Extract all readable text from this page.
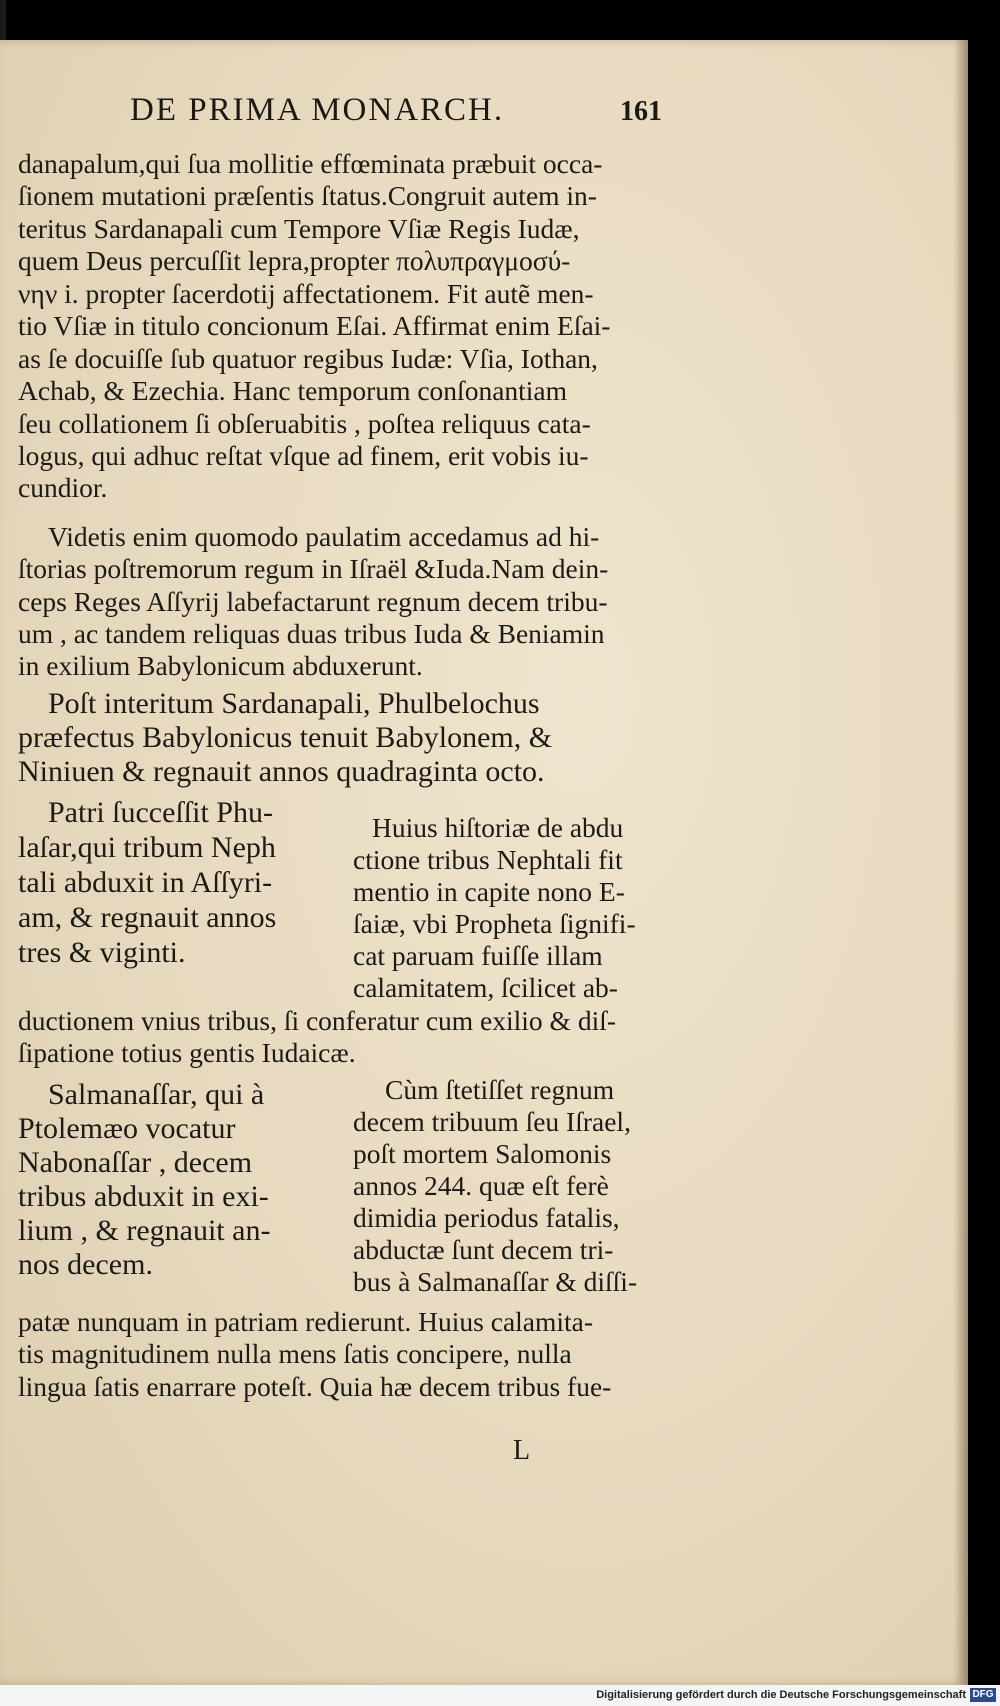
DE PRIMA MONARCH.	161
danapalum,qui ſua mollitie effœminata præbuit occa-
ſionem mutationi præſentis ſtatus.Congruit autem in-
teritus Sardanapali cum Tempore Vſiæ Regis Iudæ,
quem Deus percuſſit lepra,propter πολυπραγμοσύ-
νην i. propter ſacerdotij affectationem. Fit autẽ men-
tio Vſiæ in titulo concionum Eſai. Affirmat enim Eſai-
as ſe docuiſſe ſub quatuor regibus Iudæ: Vſia, Iothan,
Achab, & Ezechia. Hanc temporum conſonantiam
ſeu collationem ſi obſeruabitis , poſtea reliquus cata-
logus, qui adhuc reſtat vſque ad finem, erit vobis iu-
cundior.
Videtis enim quomodo paulatim accedamus ad hi-
ſtorias poſtremorum regum in Iſraël &Iuda.Nam dein-
ceps Reges Aſſyrij labefactarunt regnum decem tribu-
um , ac tandem reliquas duas tribus Iuda & Beniamin
in exilium Babylonicum abduxerunt.
Poſt interitum Sardanapali, Phulbelochus
præfectus Babylonicus tenuit Babylonem, &
Niniuen & regnauit annos quadraginta octo.
Patri ſucceſſit Phu-
laſar,qui tribum Neph
tali abduxit in Aſſyri-
am, & regnauit annos
tres & viginti.
Huius hiſtoriæ de abdu
ctione tribus Nephtali fit
mentio in capite nono E-
ſaiæ, vbi Propheta ſignifi-
cat paruam fuiſſe illam
calamitatem, ſcilicet ab-
ductionem vnius tribus, ſi conferatur cum exilio & diſ-
ſipatione totius gentis Iudaicæ.
Salmanaſſar, qui à
Ptolemæo vocatur
Nabonaſſar , decem
tribus abduxit in exi-
lium , & regnauit an-
nos decem.
Cùm ſtetiſſet regnum
decem tribuum ſeu Iſrael,
poſt mortem Salomonis
annos 244. quæ eſt ferè
dimidia periodus fatalis,
abductæ ſunt decem tri-
bus à Salmanaſſar & diſſi-
patæ nunquam in patriam redierunt. Huius calamita-
tis magnitudinem nulla mens ſatis concipere, nulla
lingua ſatis enarrare poteſt. Quia hæ decem tribus fue-
L
Digitalisierung gefördert durch die Deutsche Forschungsgemeinschaft DFG
